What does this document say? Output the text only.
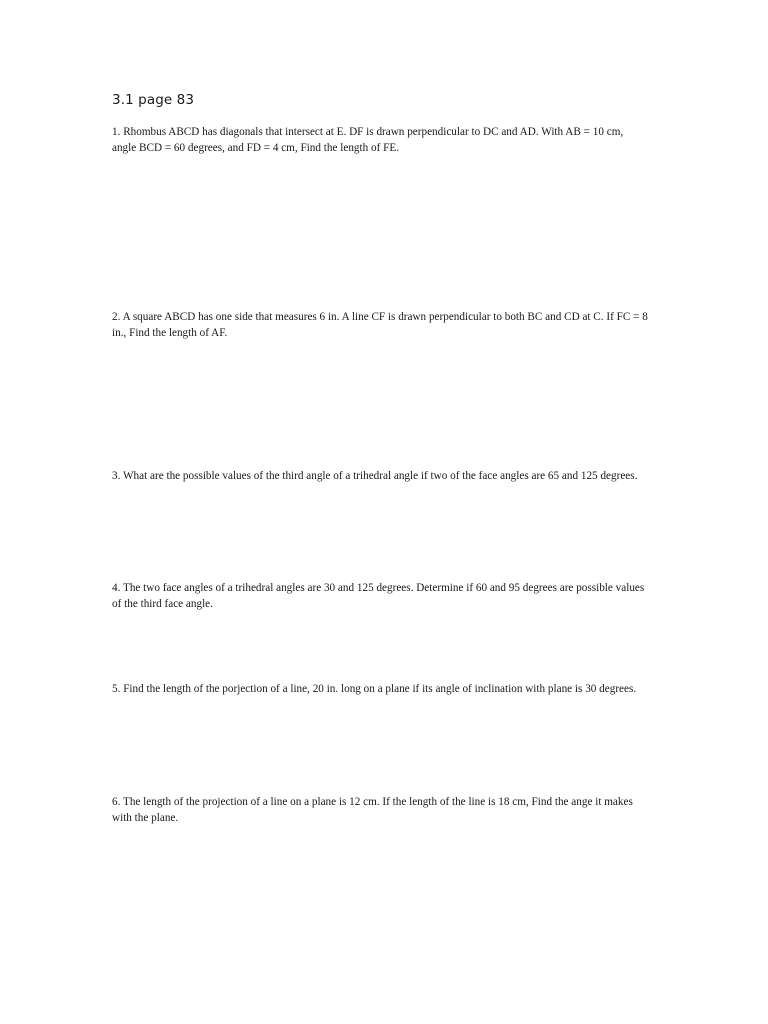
3.1 page 83

1. Rhombus ABCD has diagonals that intersect at E. DF is drawn perpendicular to DC and AD. With AB = 10 cm,
angle BCD = 60 degrees, and FD = 4 cm, Find the length of FE.

2. A square ABCD has one side that measures 6 in. A line CF is drawn perpendicular to both BC and CD at C. If FC = 8
in., Find the length of AF.

3. What are the possible values of the third angle of a trihedral angle if two of the face angles are 65 and 125 degrees.

4. The two face angles of a trihedral angles are 30 and 125 degrees. Determine if 60 and 95 degrees are possible values
of the third face angle.

5. Find the length of the porjection of a line, 20 in. long on a plane if its angle of inclination with plane is 30 degrees.

6. The length of the projection of a line on a plane is 12 cm. If the length of the line is 18 cm, Find the ange it makes
with the plane.
